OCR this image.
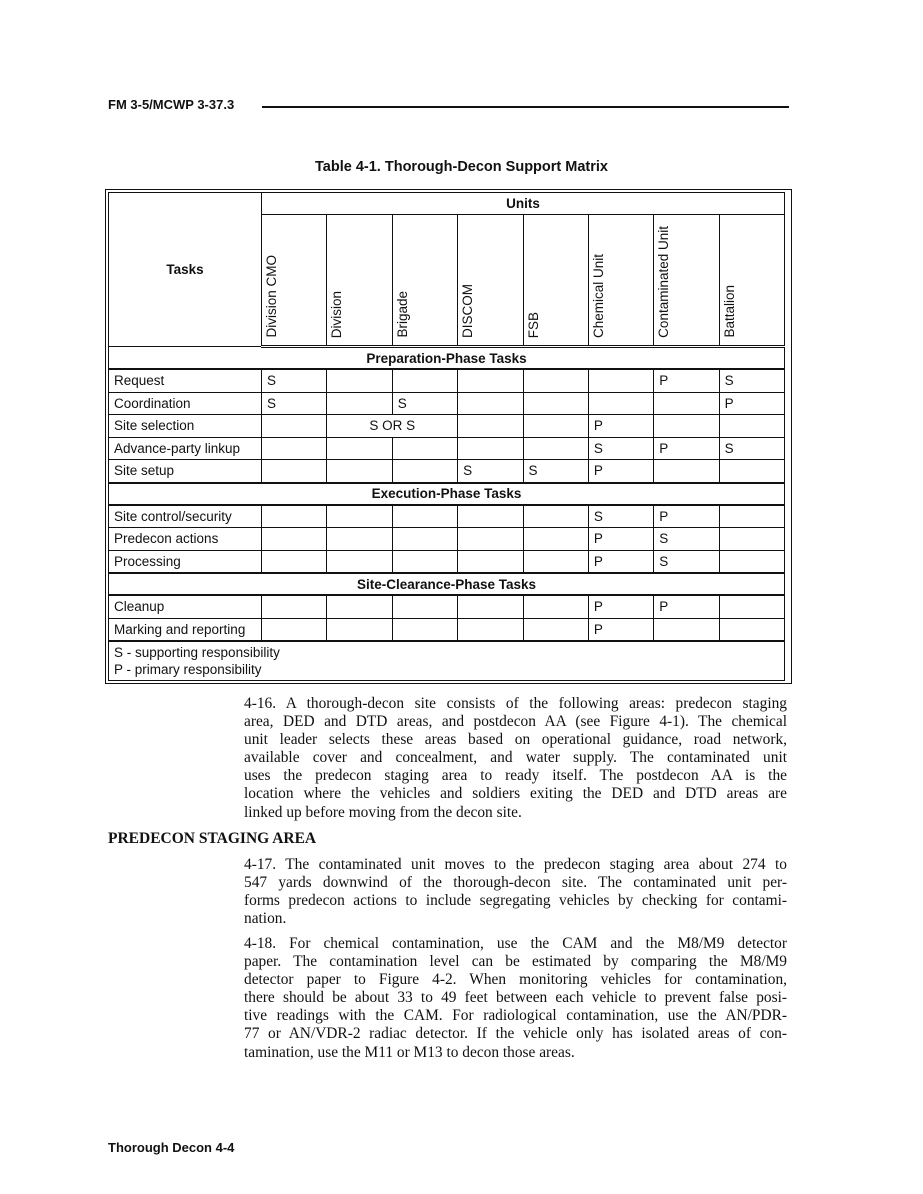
FM 3-5/MCWP 3-37.3
Table 4-1. Thorough-Decon Support Matrix
Tasks	Units							
	Division CMO	Division	Brigade	DISCOM	FSB	Chemical Unit	Contaminated Unit	Battalion
Preparation-Phase Tasks								
Request	S						P	S
Coordination	S		S					P
Site selection		S OR S				P		
Advance-party linkup						S	P	S
Site setup				S	S	P		
Execution-Phase Tasks								
Site control/security						S	P	
Predecon actions						P	S	
Processing						P	S	
Site-Clearance-Phase Tasks								
Cleanup						P	P	
Marking and reporting						P		

S - supporting responsibility
P - primary responsibility								
4-16. A thorough-decon site consists of the following areas: predecon staging
area, DED and DTD areas, and postdecon AA (see Figure 4-1). The chemical
unit leader selects these areas based on operational guidance, road network,
available cover and concealment, and water supply. The contaminated unit
uses the predecon staging area to ready itself. The postdecon AA is the
location where the vehicles and soldiers exiting the DED and DTD areas are
linked up before moving from the decon site.
PREDECON STAGING AREA
4-17. The contaminated unit moves to the predecon staging area about 274 to
547 yards downwind of the thorough-decon site. The contaminated unit per-
forms predecon actions to include segregating vehicles by checking for contami-
nation.
4-18. For chemical contamination, use the CAM and the M8/M9 detector
paper. The contamination level can be estimated by comparing the M8/M9
detector paper to Figure 4-2. When monitoring vehicles for contamination,
there should be about 33 to 49 feet between each vehicle to prevent false posi-
tive readings with the CAM. For radiological contamination, use the AN/PDR-
77 or AN/VDR-2 radiac detector. If the vehicle only has isolated areas of con-
tamination, use the M11 or M13 to decon those areas.
Thorough Decon 4-4
